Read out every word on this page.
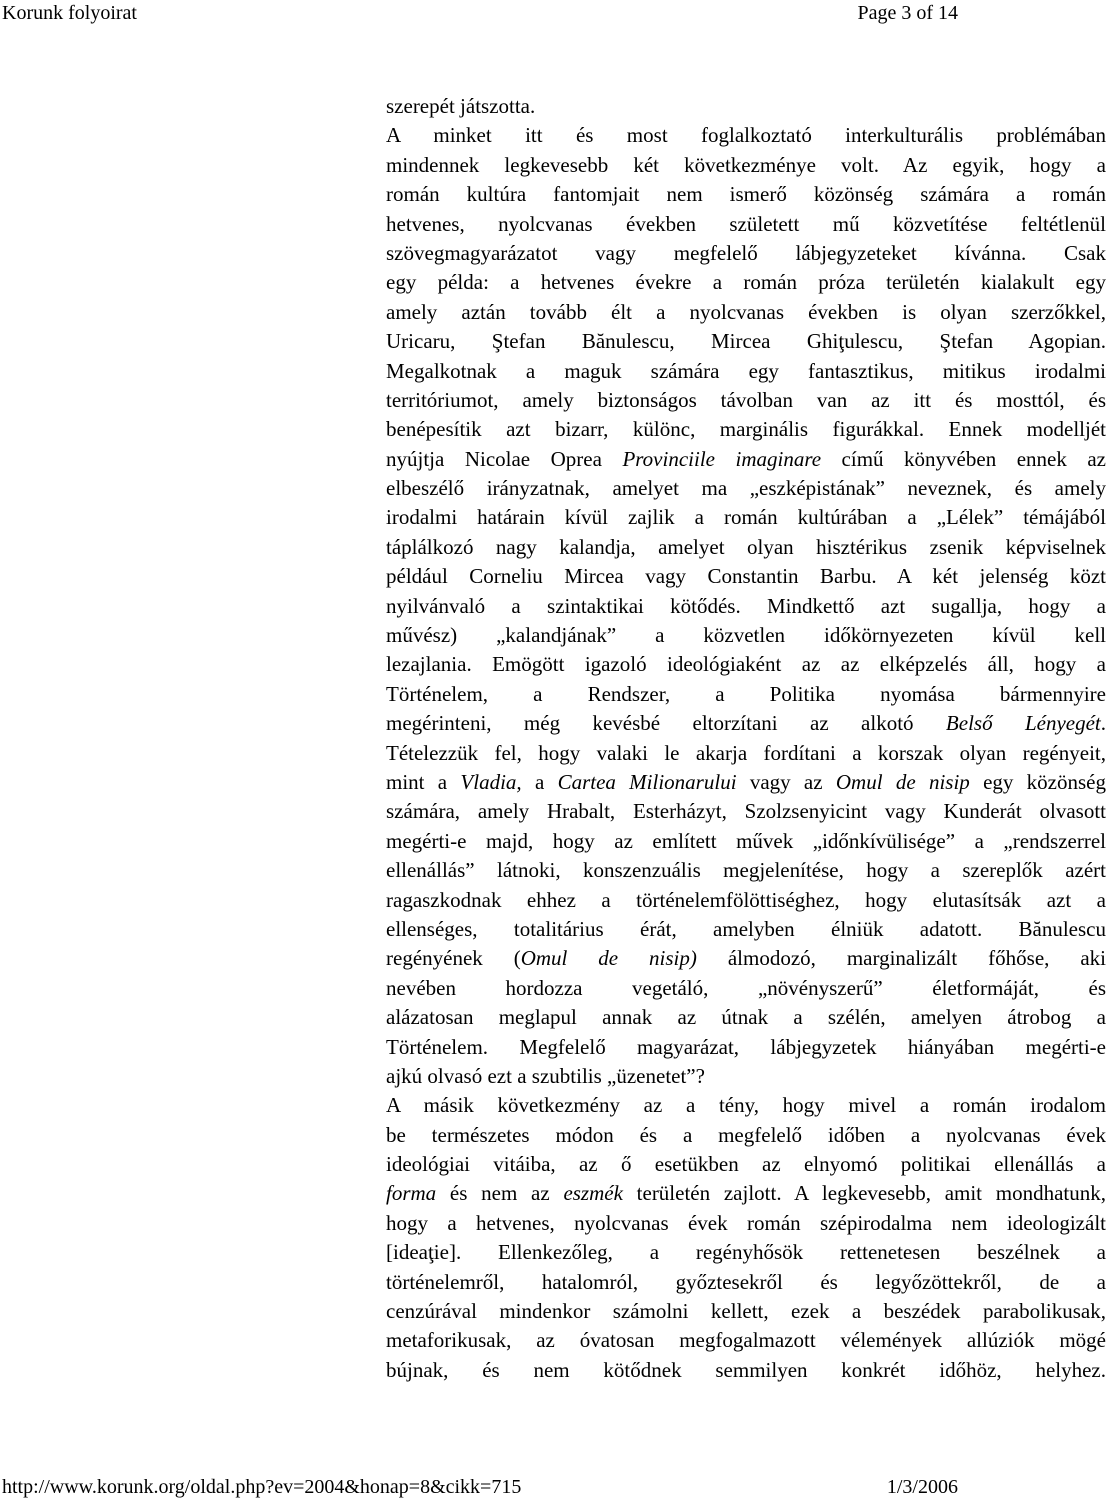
Korunk folyoirat	Page 3 of 14
szerepét játszotta.
A minket itt és most foglalkoztató interkulturális problémában
mindennek legkevesebb két következménye volt. Az egyik, hogy a
román kultúra fantomjait nem ismerő közönség számára a román
hetvenes, nyolcvanas években született mű közvetítése feltétlenül
szövegmagyarázatot vagy megfelelő lábjegyzeteket kívánna. Csak
egy példa: a hetvenes évekre a román próza területén kialakult egy
amely aztán tovább élt a nyolcvanas években is olyan szerzőkkel,
Uricaru, Ştefan Bănulescu, Mircea Ghiţulescu, Ştefan Agopian.
Megalkotnak a maguk számára egy fantasztikus, mitikus irodalmi
territóriumot, amely biztonságos távolban van az itt és mosttól, és
benépesítik azt bizarr, különc, marginális figurákkal. Ennek modelljét
nyújtja Nicolae Oprea Provinciile imaginare című könyvében ennek az
elbeszélő irányzatnak, amelyet ma „eszképistának” neveznek, és amely
irodalmi határain kívül zajlik a román kultúrában a „Lélek” témájából
táplálkozó nagy kalandja, amelyet olyan hisztérikus zsenik képviselnek
például Corneliu Mircea vagy Constantin Barbu. A két jelenség közt
nyilvánvaló a szintaktikai kötődés. Mindkettő azt sugallja, hogy a
művész) „kalandjának” a közvetlen időkörnyezeten kívül kell
lezajlania. Emögött igazoló ideológiaként az az elképzelés áll, hogy a
Történelem, a Rendszer, a Politika nyomása bármennyire
megérinteni, még kevésbé eltorzítani az alkotó Belső Lényegét.
Tételezzük fel, hogy valaki le akarja fordítani a korszak olyan regényeit,
mint a Vladia, a Cartea Milionarului vagy az Omul de nisip egy közönség
számára, amely Hrabalt, Esterházyt, Szolzsenyicint vagy Kunderát olvasott
megérti-e majd, hogy az említett művek „időnkívülisége” a „rendszerrel
ellenállás” látnoki, konszenzuális megjelenítése, hogy a szereplők azért
ragaszkodnak ehhez a történelemfölöttiséghez, hogy elutasítsák azt a
ellenséges, totalitárius érát, amelyben élniük adatott. Bănulescu
regényének (Omul de nisip) álmodozó, marginalizált főhőse, aki
nevében hordozza vegetáló, „növényszerű” életformáját, és
alázatosan meglapul annak az útnak a szélén, amelyen átrobog a
Történelem. Megfelelő magyarázat, lábjegyzetek hiányában megérti-e
ajkú olvasó ezt a szubtilis „üzenetet”?
A másik következmény az a tény, hogy mivel a román irodalom
be természetes módon és a megfelelő időben a nyolcvanas évek
ideológiai vitáiba, az ő esetükben az elnyomó politikai ellenállás a
forma és nem az eszmék területén zajlott. A legkevesebb, amit mondhatunk,
hogy a hetvenes, nyolcvanas évek román szépirodalma nem ideologizált
[ideaţie]. Ellenkezőleg, a regényhősök rettenetesen beszélnek a
történelemről, hatalomról, győztesekről és legyőzöttekről, de a
cenzúrával mindenkor számolni kellett, ezek a beszédek parabolikusak,
metaforikusak, az óvatosan megfogalmazott vélemények allúziók mögé
bújnak, és nem kötődnek semmilyen konkrét időhöz, helyhez.
http://www.korunk.org/oldal.php?ev=2004&honap=8&cikk=715	1/3/2006
